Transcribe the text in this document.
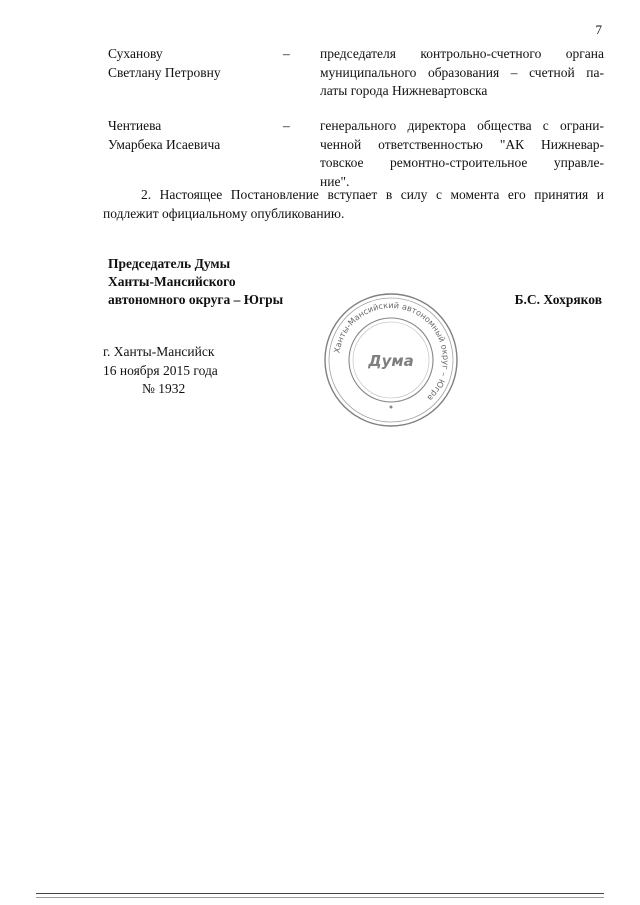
7
Суханову
Светлану Петровну
– председателя контрольно-счетного органа
муниципального образования – счетной па-
латы города Нижневартовска
Чентиева
Умарбека Исаевича
– генерального директора общества с ограни-
ченной ответственностью "АК Нижневар-
товское ремонтно-строительное управле-
ние".
2. Настоящее Постановление вступает в силу с момента его принятия и
подлежит официальному опубликованию.
Председатель Думы
Ханты-Мансийского
автономного округа – Югры	Б.С. Хохряков
г. Ханты-Мансийск
16 ноября 2015 года
№ 1932
Ханты-Мансийский автономный округ – Югра
Дума
